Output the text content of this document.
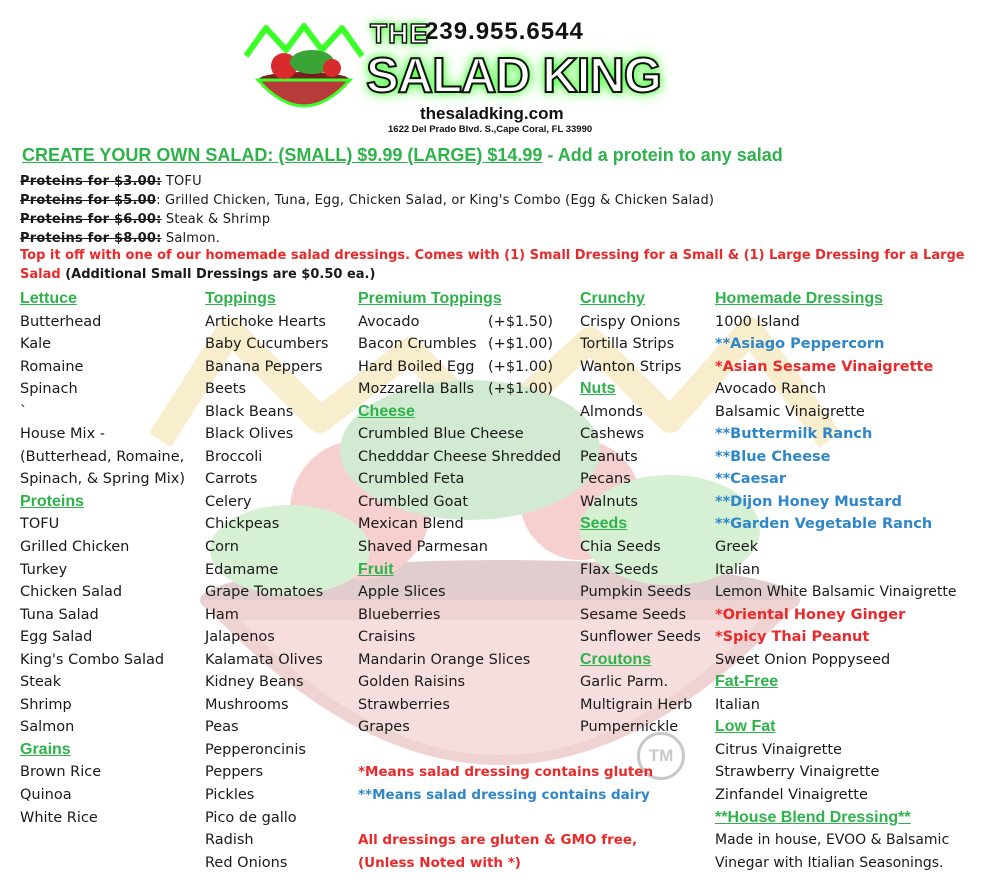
THE
239.955.6544
SALAD KING
thesaladking.com
1622 Del Prado Blvd. S.,Cape Coral, FL 33990
CREATE YOUR OWN SALAD: (SMALL) $9.99 (LARGE) $14.99 - Add a protein to any salad
Proteins for $3.00: TOFU
Proteins for $5.00: Grilled Chicken, Tuna, Egg, Chicken Salad, or King's Combo (Egg & Chicken Salad)
Proteins for $6.00: Steak & Shrimp
Proteins for $8.00: Salmon.
Top it off with one of our homemade salad dressings. Comes with (1) Small Dressing for a Small & (1) Large Dressing for a Large Salad (Additional Small Dressings are $0.50 ea.)
Lettuce
Butterhead
Kale
Romaine
Spinach
`
House Mix -
(Butterhead, Romaine,
Spinach, & Spring Mix)
Proteins
TOFU
Grilled Chicken
Turkey
Chicken Salad
Tuna Salad
Egg Salad
King's Combo Salad
Steak
Shrimp
Salmon
Grains
Brown Rice
Quinoa
White Rice
Toppings
Artichoke Hearts
Baby Cucumbers
Banana Peppers
Beets
Black Beans
Black Olives
Broccoli
Carrots
Celery
Chickpeas
Corn
Edamame
Grape Tomatoes
Ham
Jalapenos
Kalamata Olives
Kidney Beans
Mushrooms
Peas
Pepperoncinis
Peppers
Pickles
Pico de gallo
Radish
Red Onions
Premium Toppings
Avocado	(+$1.50)
Bacon Crumbles (+$1.00)
Hard Boiled Egg (+$1.00)
Mozzarella Balls (+$1.00)
Cheese
Crumbled Blue Cheese
Chedddar Cheese Shredded
Crumbled Feta
Crumbled Goat
Mexican Blend
Shaved Parmesan
Fruit
Apple Slices
Blueberries
Craisins
Mandarin Orange Slices
Golden Raisins
Strawberries
Grapes
*Means salad dressing contains gluten
**Means salad dressing contains dairy
All dressings are gluten & GMO free,
(Unless Noted with *)
Crunchy
Crispy Onions
Tortilla Strips
Wanton Strips
Nuts
Almonds
Cashews
Peanuts
Pecans
Walnuts
Seeds
Chia Seeds
Flax Seeds
Pumpkin Seeds
Sesame Seeds
Sunflower Seeds
Croutons
Garlic Parm.
Multigrain Herb
Pumpernickle
TM
Homemade Dressings
1000 Island
**Asiago Peppercorn
*Asian Sesame Vinaigrette
Avocado Ranch
Balsamic Vinaigrette
**Buttermilk Ranch
**Blue Cheese
**Caesar
**Dijon Honey Mustard
**Garden Vegetable Ranch
Greek
Italian
Lemon White Balsamic Vinaigrette
*Oriental Honey Ginger
*Spicy Thai Peanut
Sweet Onion Poppyseed
Fat-Free
Italian
Low Fat
Citrus Vinaigrette
Strawberry Vinaigrette
Zinfandel Vinaigrette
**House Blend Dressing**
Made in house, EVOO & Balsamic
Vinegar with Itialian Seasonings.
